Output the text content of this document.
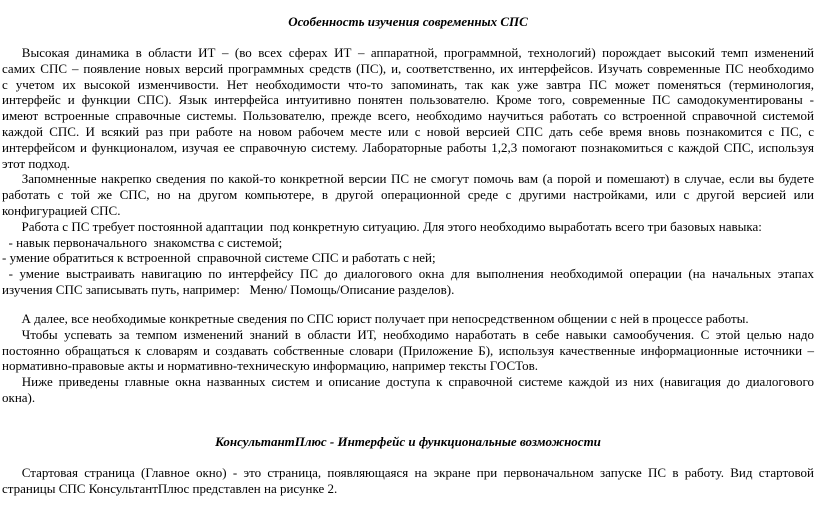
Особенность изучения современных СПС
Высокая динамика в области ИТ – (во всех сферах ИТ – аппаратной, программной, технологий) порождает высокий темп изменений
самих СПС – появление новых версий программных средств (ПС), и, соответственно, их интерфейсов. Изучать современные ПС необходимо
с учетом их высокой изменчивости. Нет необходимости что-то запоминать, так как уже завтра ПС может поменяться (терминология,
интерфейс и функции СПС). Язык интерфейса интуитивно понятен пользователю. Кроме того, современные ПС самодокументированы -
имеют встроенные справочные системы. Пользователю, прежде всего, необходимо научиться работать со встроенной справочной системой
каждой СПС. И всякий раз при работе на новом рабочем месте или с новой версией СПС дать себе время вновь познакомится с ПС, с
интерфейсом и функционалом, изучая ее справочную систему. Лабораторные работы 1,2,3 помогают познакомиться с каждой СПС, используя
этот подход.
Запомненные накрепко сведения по какой-то конкретной версии ПС не смогут помочь вам (а порой и помешают) в случае, если вы будете
работать с той же СПС, но на другом компьютере, в другой операционной среде с другими настройками, или с другой версией или
конфигурацией СПС.
Работа с ПС требует постоянной адаптации  под конкретную ситуацию. Для этого необходимо выработать всего три базовых навыка:
- навык первоначального  знакомства с системой;
- умение обратиться к встроенной  справочной системе СПС и работать с ней;
- умение выстраивать навигацию по интерфейсу ПС до диалогового окна для выполнения необходимой операции (на начальных этапах
изучения СПС записывать путь, например:   Меню/ Помощь/Описание разделов).
А далее, все необходимые конкретные сведения по СПС юрист получает при непосредственном общении с ней в процессе работы.
Чтобы успевать за темпом изменений знаний в области ИТ, необходимо наработать в себе навыки самообучения. С этой целью надо
постоянно обращаться к словарям и создавать собственные словари (Приложение Б), используя качественные информационные источники –
нормативно-правовые акты и нормативно-техническую информацию, например тексты ГОСТов.
Ниже приведены главные окна названных систем и описание доступа к справочной системе каждой из них (навигация до диалогового
окна).
КонсультантПлюс - Интерфейс и функциональные возможности
Стартовая страница (Главное окно) - это страница, появляющаяся на экране при первоначальном запуске ПС в работу. Вид стартовой
страницы СПС КонсультантПлюс представлен на рисунке 2.
